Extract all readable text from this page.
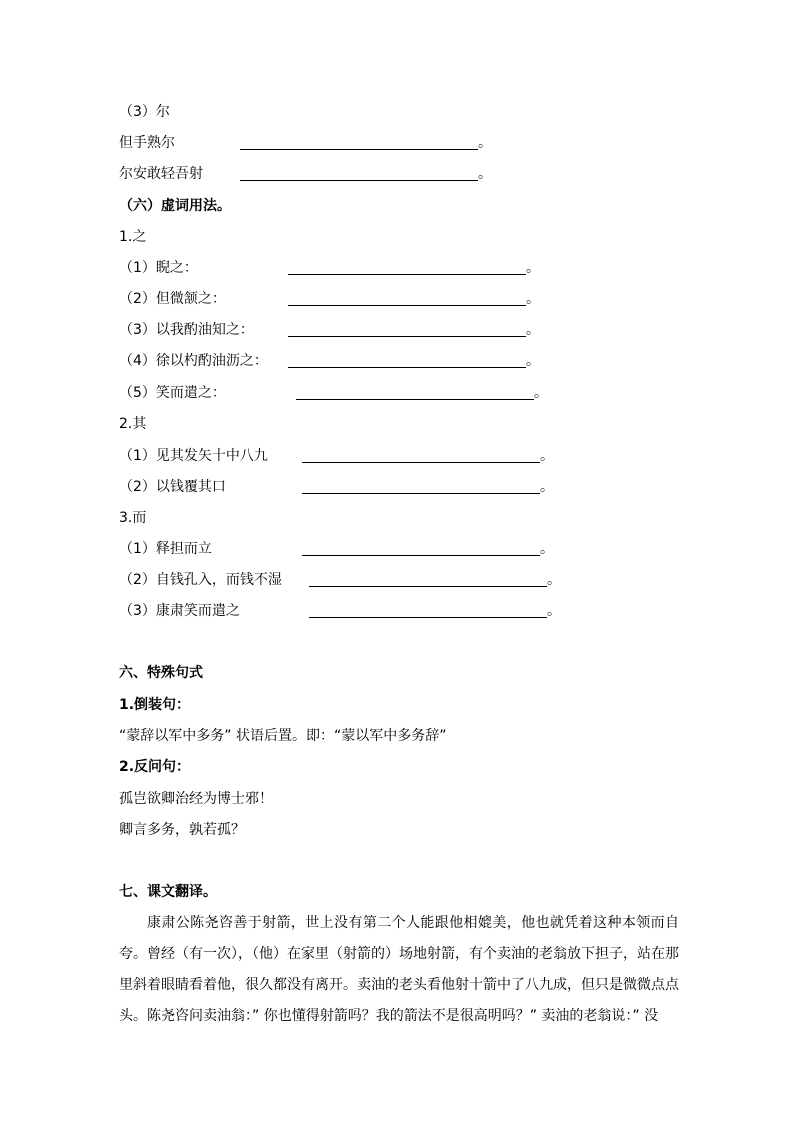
（3）尔
但手熟尔	。
尔安敢轻吾射	。
（六）虚词用法。
1.之
（1）睨之：	。
（2）但微颔之：	。
（3）以我酌油知之：	。
（4）徐以杓酌油沥之：	。
（5）笑而遣之：	。
2.其
（1）见其发矢十中八九	。
（2）以钱覆其口	。
3.而
（1）释担而立	。
（2）自钱孔入，而钱不湿	。
（3）康肃笑而遣之	。
六、特殊句式
1.倒装句：
“蒙辞以军中多务” 状语后置。即：“蒙以军中多务辞”
2.反问句：
孤岂欲卿治经为博士邪！
卿言多务，孰若孤？
七、课文翻译。
康肃公陈尧咨善于射箭，世上没有第二个人能跟他相媲美，他也就凭着这种本领而自夸。曾经（有一次），（他）在家里（射箭的）场地射箭，有个卖油的老翁放下担子，站在那里斜着眼睛看着他，很久都没有离开。卖油的老头看他射十箭中了八九成，但只是微微点点头。 陈尧咨问卖油翁：” 你也懂得射箭吗？我的箭法不是很高明吗？” 卖油的老翁说：” 没
